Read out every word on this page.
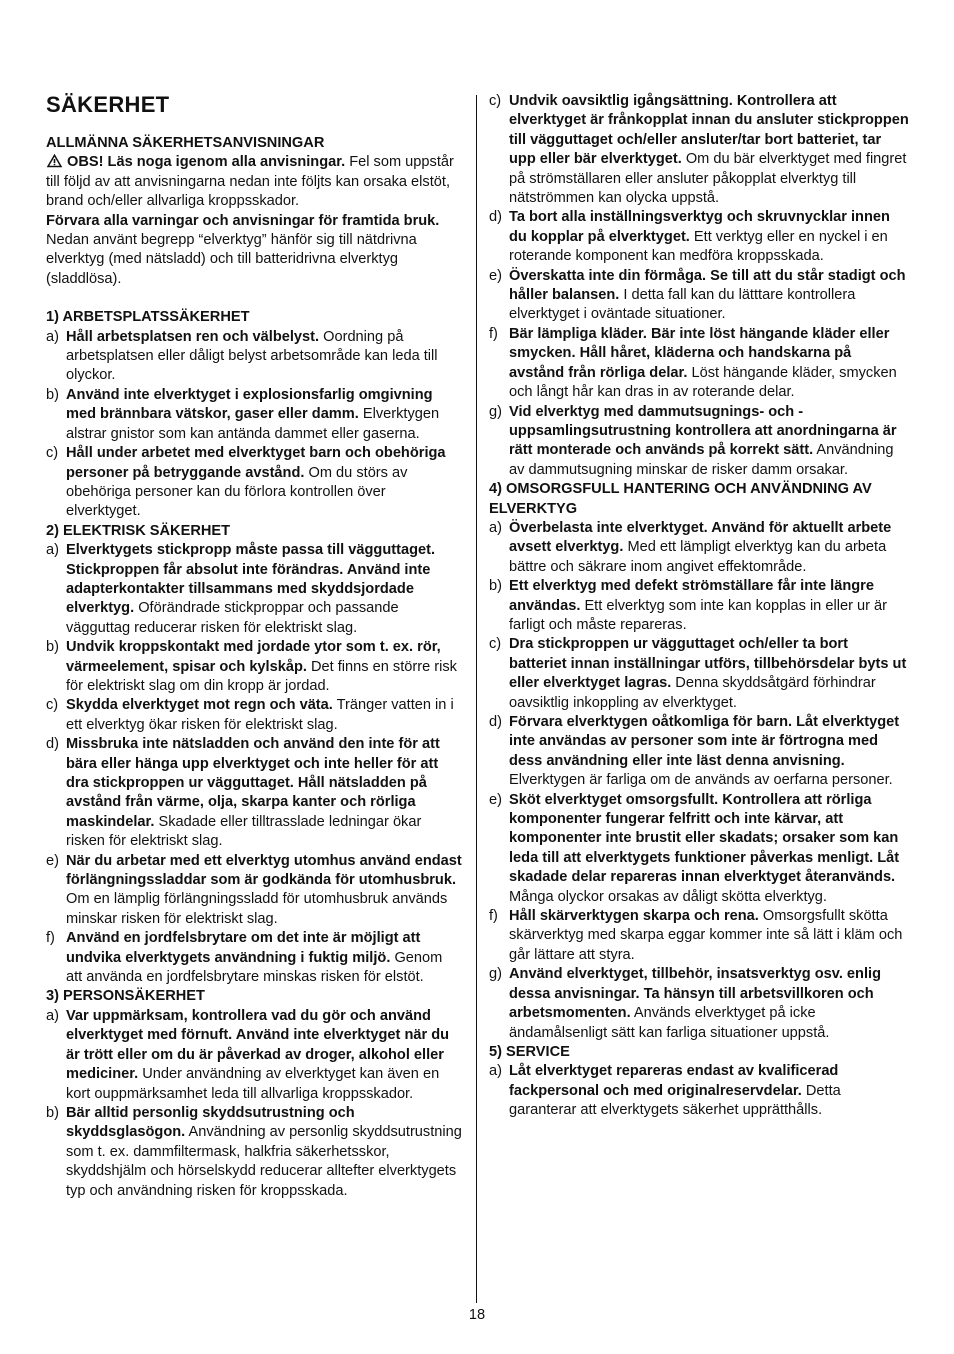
SÄKERHET

ALLMÄNNA SÄKERHETSANVISNINGAR

OBS! Läs noga igenom alla anvisningar. Fel som uppstår till följd av att anvisningarna nedan inte följts kan orsaka elstöt, brand och/eller allvarliga kroppsskador.
Förvara alla varningar och anvisningar för framtida bruk. Nedan använt begrepp “elverktyg” hänför sig till nätdrivna elverktyg (med nätsladd) och till batteridrivna elverktyg (sladdlösa).

1) ARBETSPLATSSÄKERHET

a) Håll arbetsplatsen ren och välbelyst. Oordning på arbetsplatsen eller dåligt belyst arbetsområde kan leda till olyckor.
b) Använd inte elverktyget i explosionsfarlig omgivning med brännbara vätskor, gaser eller damm. Elverktygen alstrar gnistor som kan antända dammet eller gaserna.
c) Håll under arbetet med elverktyget barn och obehöriga personer på betryggande avstånd. Om du störs av obehöriga personer kan du förlora kontrollen över elverktyget.

2) ELEKTRISK SÄKERHET

a) Elverktygets stickpropp måste passa till vägguttaget. Stickproppen får absolut inte förändras. Använd inte adapterkontakter tillsammans med skyddsjordade elverktyg. Oförändrade stickproppar och passande vägguttag reducerar risken för elektriskt slag.
b) Undvik kroppskontakt med jordade ytor som t. ex. rör, värmeelement, spisar och kylskåp. Det finns en större risk för elektriskt slag om din kropp är jordad.
c) Skydda elverktyget mot regn och väta. Tränger vatten in i ett elverktyg ökar risken för elektriskt slag.
d) Missbruka inte nätsladden och använd den inte för att bära eller hänga upp elverktyget och inte heller för att dra stickproppen ur vägguttaget. Håll nätsladden på avstånd från värme, olja, skarpa kanter och rörliga maskindelar. Skadade eller tilltrasslade ledningar ökar risken för elektriskt slag.
e) När du arbetar med ett elverktyg utomhus använd endast förlängningssladdar som är godkända för utomhusbruk. Om en lämplig förlängningssladd för utomhusbruk används minskar risken för elektriskt slag.
f) Använd en jordfelsbrytare om det inte är möjligt att undvika elverktygets användning i fuktig miljö. Genom att använda en jordfelsbrytare minskas risken för elstöt.

3) PERSONSÄKERHET

a) Var uppmärksam, kontrollera vad du gör och använd elverktyget med förnuft. Använd inte elverktyget när du är trött eller om du är påverkad av droger, alkohol eller mediciner. Under användning av elverktyget kan även en kort ouppmärksamhet leda till allvarliga kroppsskador.
b) Bär alltid personlig skyddsutrustning och skyddsglasögon. Användning av personlig skyddsutrustning som t. ex. dammfiltermask, halkfria säkerhetsskor, skyddshjälm och hörselskydd reducerar alltefter elverktygets typ och användning risken för kroppsskada.
c) Undvik oavsiktlig igångsättning. Kontrollera att elverktyget är frånkopplat innan du ansluter stickproppen till vägguttaget och/eller ansluter/tar bort batteriet, tar upp eller bär elverktyget. Om du bär elverktyget med fingret på strömställaren eller ansluter påkopplat elverktyg till nätströmmen kan olycka uppstå.
d) Ta bort alla inställningsverktyg och skruvnycklar innen du kopplar på elverktyget. Ett verktyg eller en nyckel i en roterande komponent kan medföra kroppsskada.
e) Överskatta inte din förmåga. Se till att du står stadigt och håller balansen. I detta fall kan du lätttare kontrollera elverktyget i oväntade situationer.
f) Bär lämpliga kläder. Bär inte löst hängande kläder eller smycken. Håll håret, kläderna och handskarna på avstånd från rörliga delar. Löst hängande kläder, smycken och långt hår kan dras in av roterande delar.
g) Vid elverktyg med dammutsugnings- och -uppsamlingsutrustning kontrollera att anordningarna är rätt monterade och används på korrekt sätt. Användning av dammutsugning minskar de risker damm orsakar.

4) OMSORGSFULL HANTERING OCH ANVÄNDNING AV ELVERKTYG

a) Överbelasta inte elverktyget. Använd för aktuellt arbete avsett elverktyg. Med ett lämpligt elverktyg kan du arbeta bättre och säkrare inom angivet effektområde.
b) Ett elverktyg med defekt strömställare får inte längre användas. Ett elverktyg som inte kan kopplas in eller ur är farligt och måste repareras.
c) Dra stickproppen ur vägguttaget och/eller ta bort batteriet innan inställningar utförs, tillbehörsdelar byts ut eller elverktyget lagras. Denna skyddsåtgärd förhindrar oavsiktlig inkoppling av elverktyget.
d) Förvara elverktygen oåtkomliga för barn. Låt elverktyget inte användas av personer som inte är förtrogna med dess användning eller inte läst denna anvisning. Elverktygen är farliga om de används av oerfarna personer.
e) Sköt elverktyget omsorgsfullt. Kontrollera att rörliga komponenter fungerar felfritt och inte kärvar, att komponenter inte brustit eller skadats; orsaker som kan leda till att elverktygets funktioner påverkas menligt. Låt skadade delar repareras innan elverktyget återanvänds. Många olyckor orsakas av dåligt skötta elverktyg.
f) Håll skärverktygen skarpa och rena. Omsorgsfullt skötta skärverktyg med skarpa eggar kommer inte så lätt i kläm och går lättare att styra.
g) Använd elverktyget, tillbehör, insatsverktyg osv. enlig dessa anvisningar. Ta hänsyn till arbetsvillkoren och arbetsmomenten. Används elverktyget på icke ändamålsenligt sätt kan farliga situationer uppstå.

5) SERVICE

a) Låt elverktyget repareras endast av kvalificerad fackpersonal och med originalreservdelar. Detta garanterar att elverktygets säkerhet upprätthålls.
18
